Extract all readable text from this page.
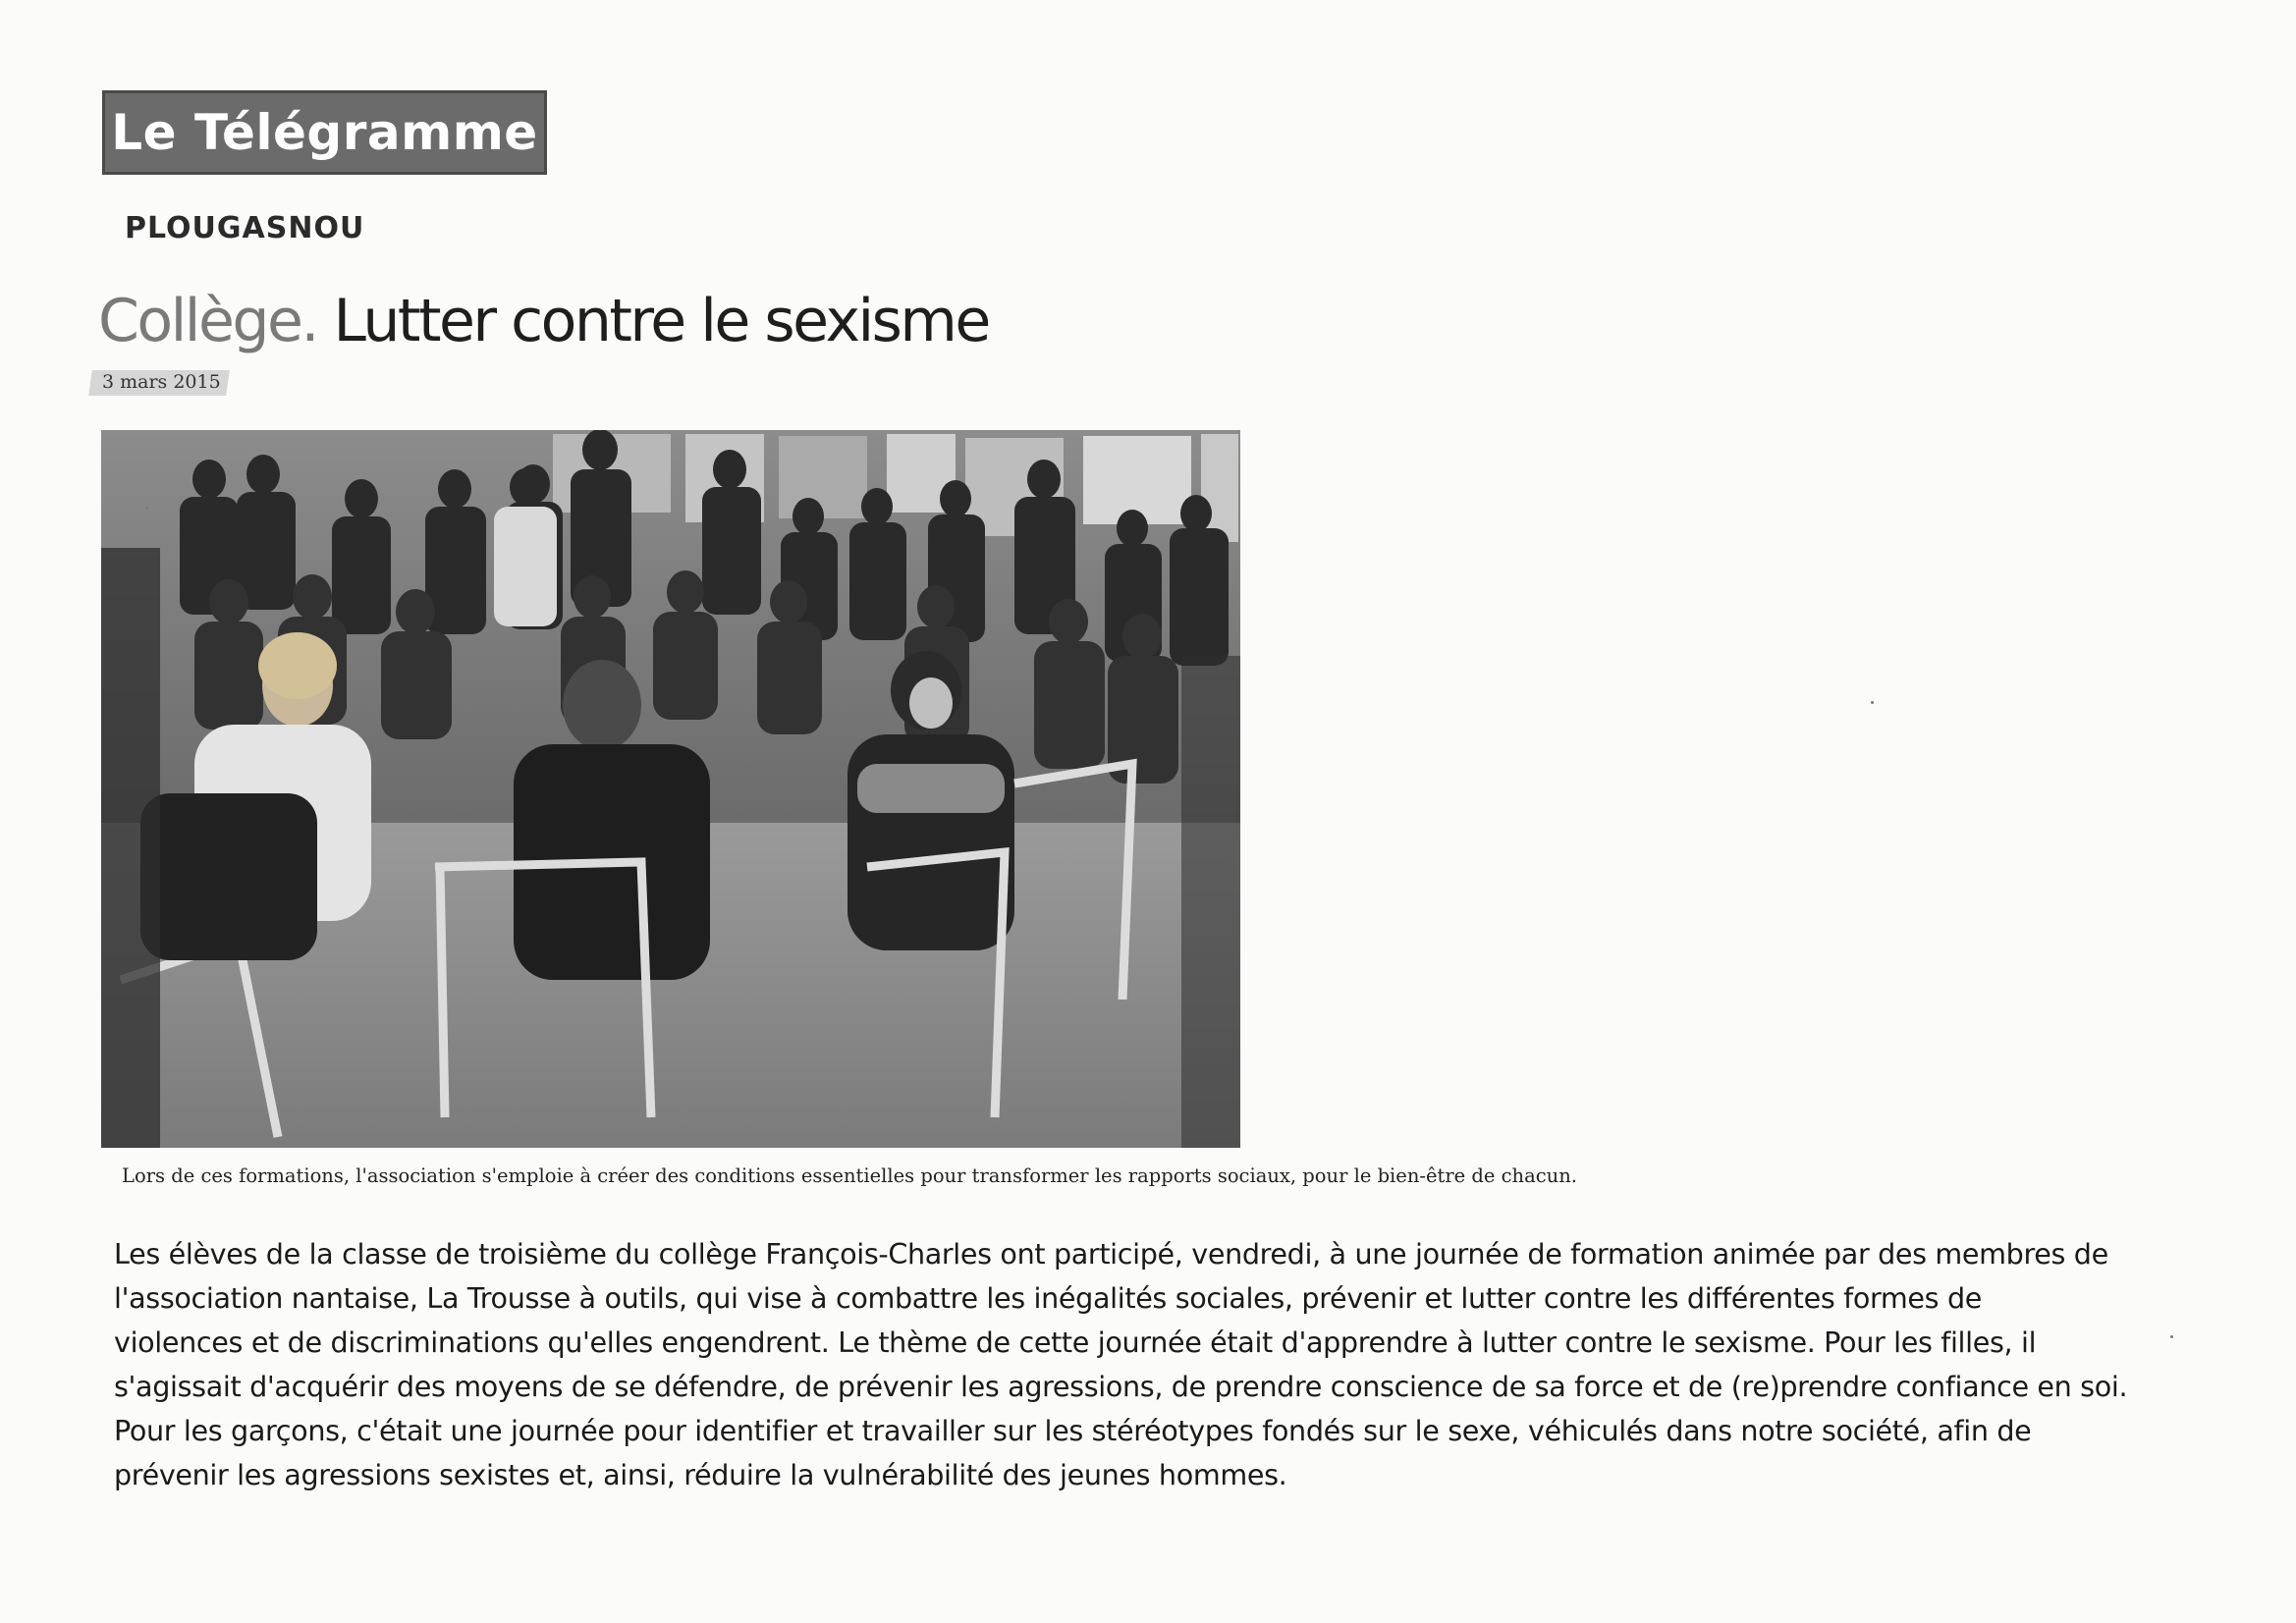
Le Télégramme
PLOUGASNOU
Collège. Lutter contre le sexisme
3 mars 2015
Lors de ces formations, l'association s'emploie à créer des conditions essentielles pour transformer les rapports sociaux, pour le bien-être de chacun.
Les élèves de la classe de troisième du collège François-Charles ont participé, vendredi, à une journée de formation animée par des membres de
l'association nantaise, La Trousse à outils, qui vise à combattre les inégalités sociales, prévenir et lutter contre les différentes formes de
violences et de discriminations qu'elles engendrent. Le thème de cette journée était d'apprendre à lutter contre le sexisme. Pour les filles, il
s'agissait d'acquérir des moyens de se défendre, de prévenir les agressions, de prendre conscience de sa force et de (re)prendre confiance en soi.
Pour les garçons, c'était une journée pour identifier et travailler sur les stéréotypes fondés sur le sexe, véhiculés dans notre société, afin de
prévenir les agressions sexistes et, ainsi, réduire la vulnérabilité des jeunes hommes.
